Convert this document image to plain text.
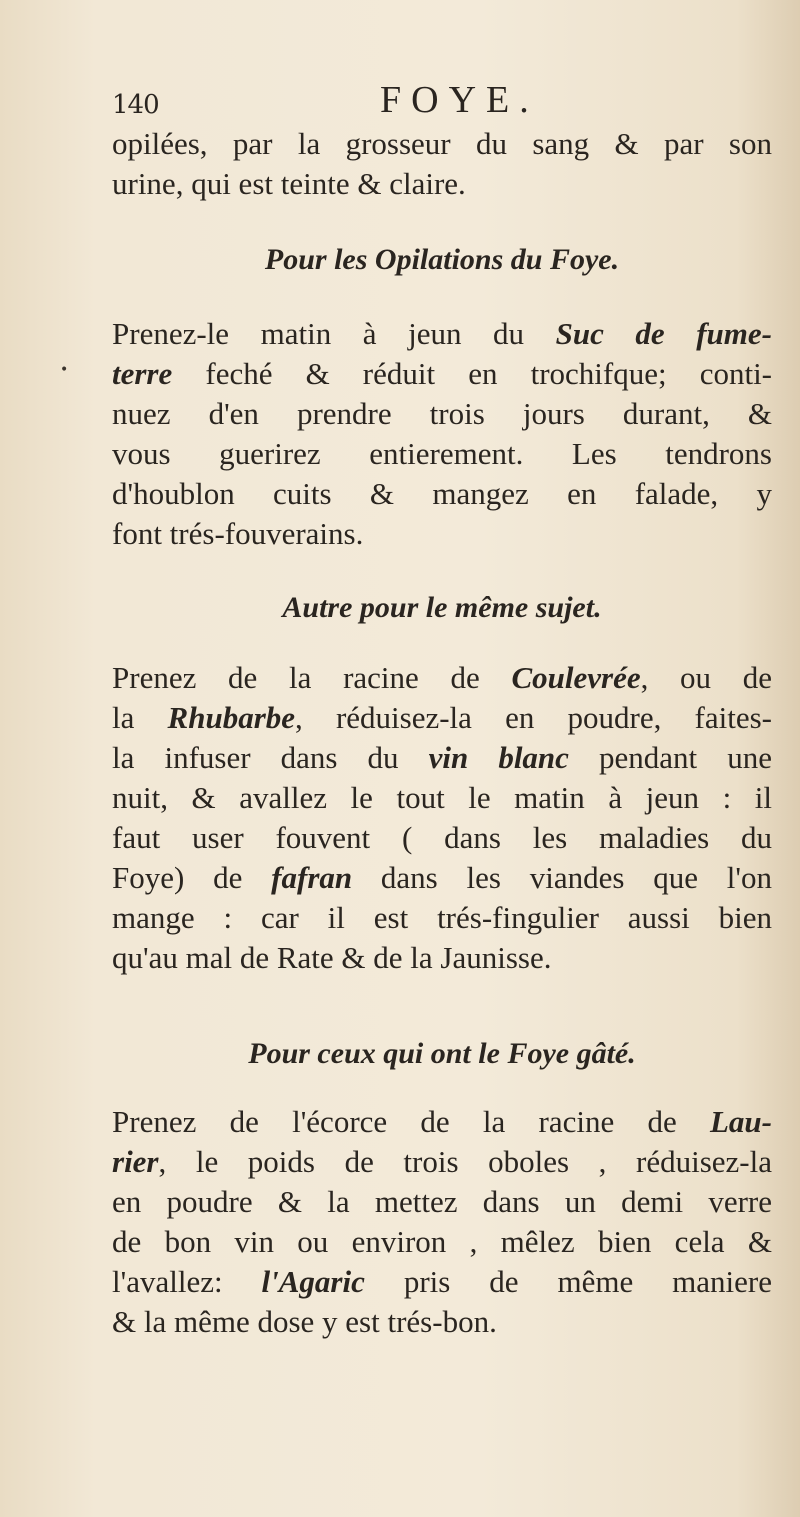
140	FOYE.
•

opilées, par la grosseur du sang & par son
urine, qui est teinte & claire.

Pour les Opilations du Foye.

Prenez-le matin à jeun du Suc de fume-
terre feché & réduit en trochifque; conti-
nuez d'en prendre trois jours durant, &
vous guerirez entierement. Les tendrons
d'houblon cuits & mangez en falade, y
font trés-fouverains.

Autre pour le même sujet.

Prenez de la racine de Coulevrée, ou de
la Rhubarbe, réduisez-la en poudre, faites-
la infuser dans du vin blanc pendant une
nuit, & avallez le tout le matin à jeun : il
faut user fouvent ( dans les maladies du
Foye) de fafran dans les viandes que l'on
mange : car il est trés-fingulier aussi bien
qu'au mal de Rate & de la Jaunisse.

Pour ceux qui ont le Foye gâté.

Prenez de l'écorce de la racine de Lau-
rier, le poids de trois oboles , réduisez-la
en poudre & la mettez dans un demi verre
de bon vin ou environ , mêlez bien cela &
l'avallez: l'Agaric pris de même maniere
& la même dose y est trés-bon.
